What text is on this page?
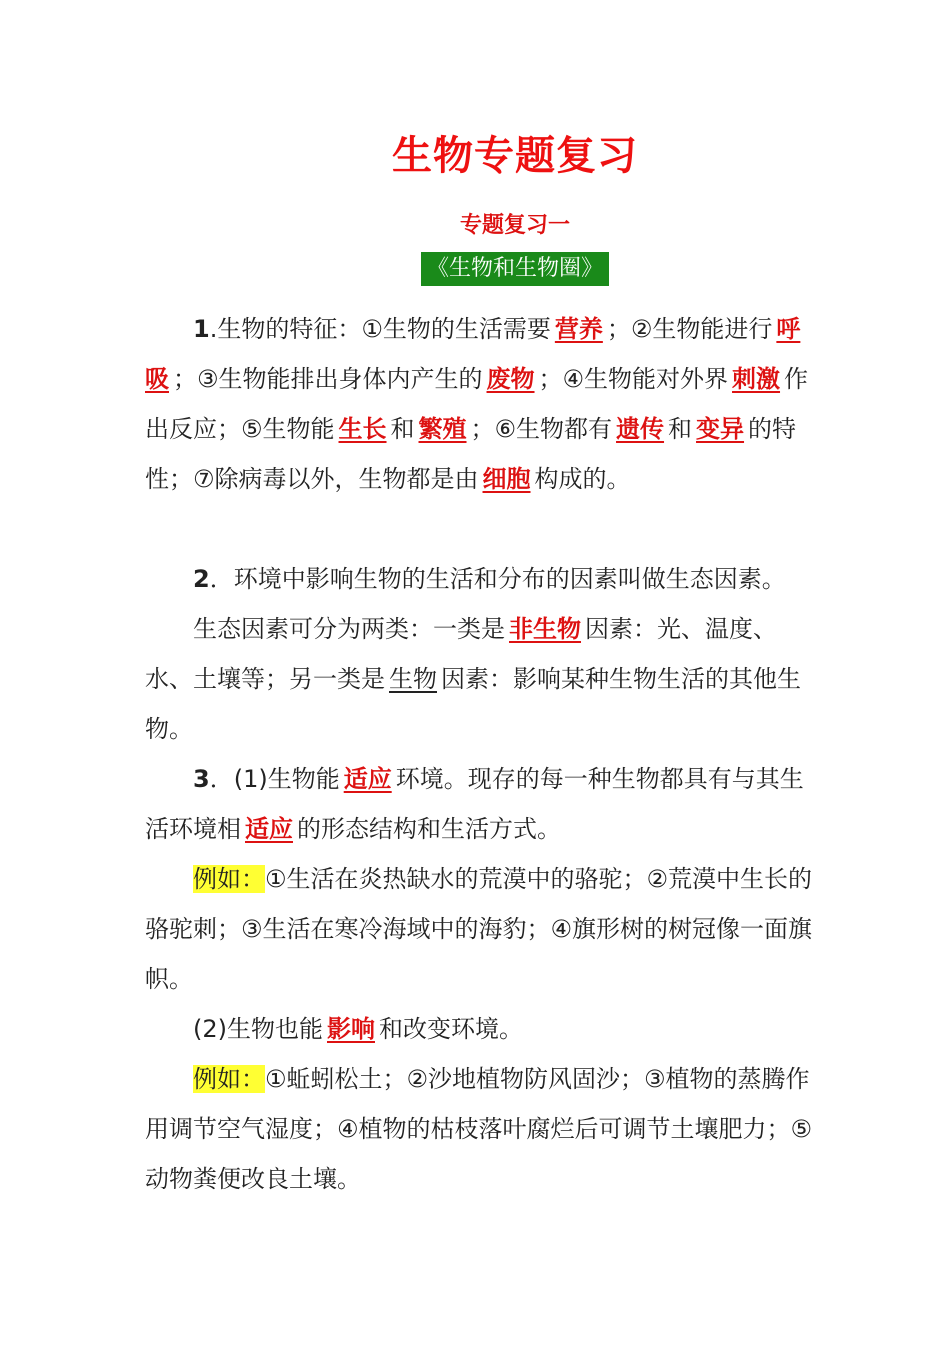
生物专题复习
专题复习一
《生物和生物圈》

1.生物的特征：①生物的生活需要 营养 ；②生物能进行 呼吸 ；③生物能排出身体内产生的 废物 ；④生物能对外界 刺激 作出反应；⑤生物能 生长 和 繁殖 ；⑥生物都有 遗传 和 变异 的特性；⑦除病毒以外，生物都是由 细胞 构成的。

2．环境中影响生物的生活和分布的因素叫做生态因素。

生态因素可分为两类：一类是 非生物 因素：光、温度、水、土壤等；另一类是 生物 因素：影响某种生物生活的其他生物。

3．(1)生物能 适应 环境。现存的每一种生物都具有与其生活环境相 适应 的形态结构和生活方式。

例如：①生活在炎热缺水的荒漠中的骆驼；②荒漠中生长的骆驼刺；③生活在寒冷海域中的海豹；④旗形树的树冠像一面旗帜。

(2)生物也能 影响 和改变环境。

例如：①蚯蚓松土；②沙地植物防风固沙；③植物的蒸腾作用调节空气湿度；④植物的枯枝落叶腐烂后可调节土壤肥力；⑤动物粪便改良土壤。
